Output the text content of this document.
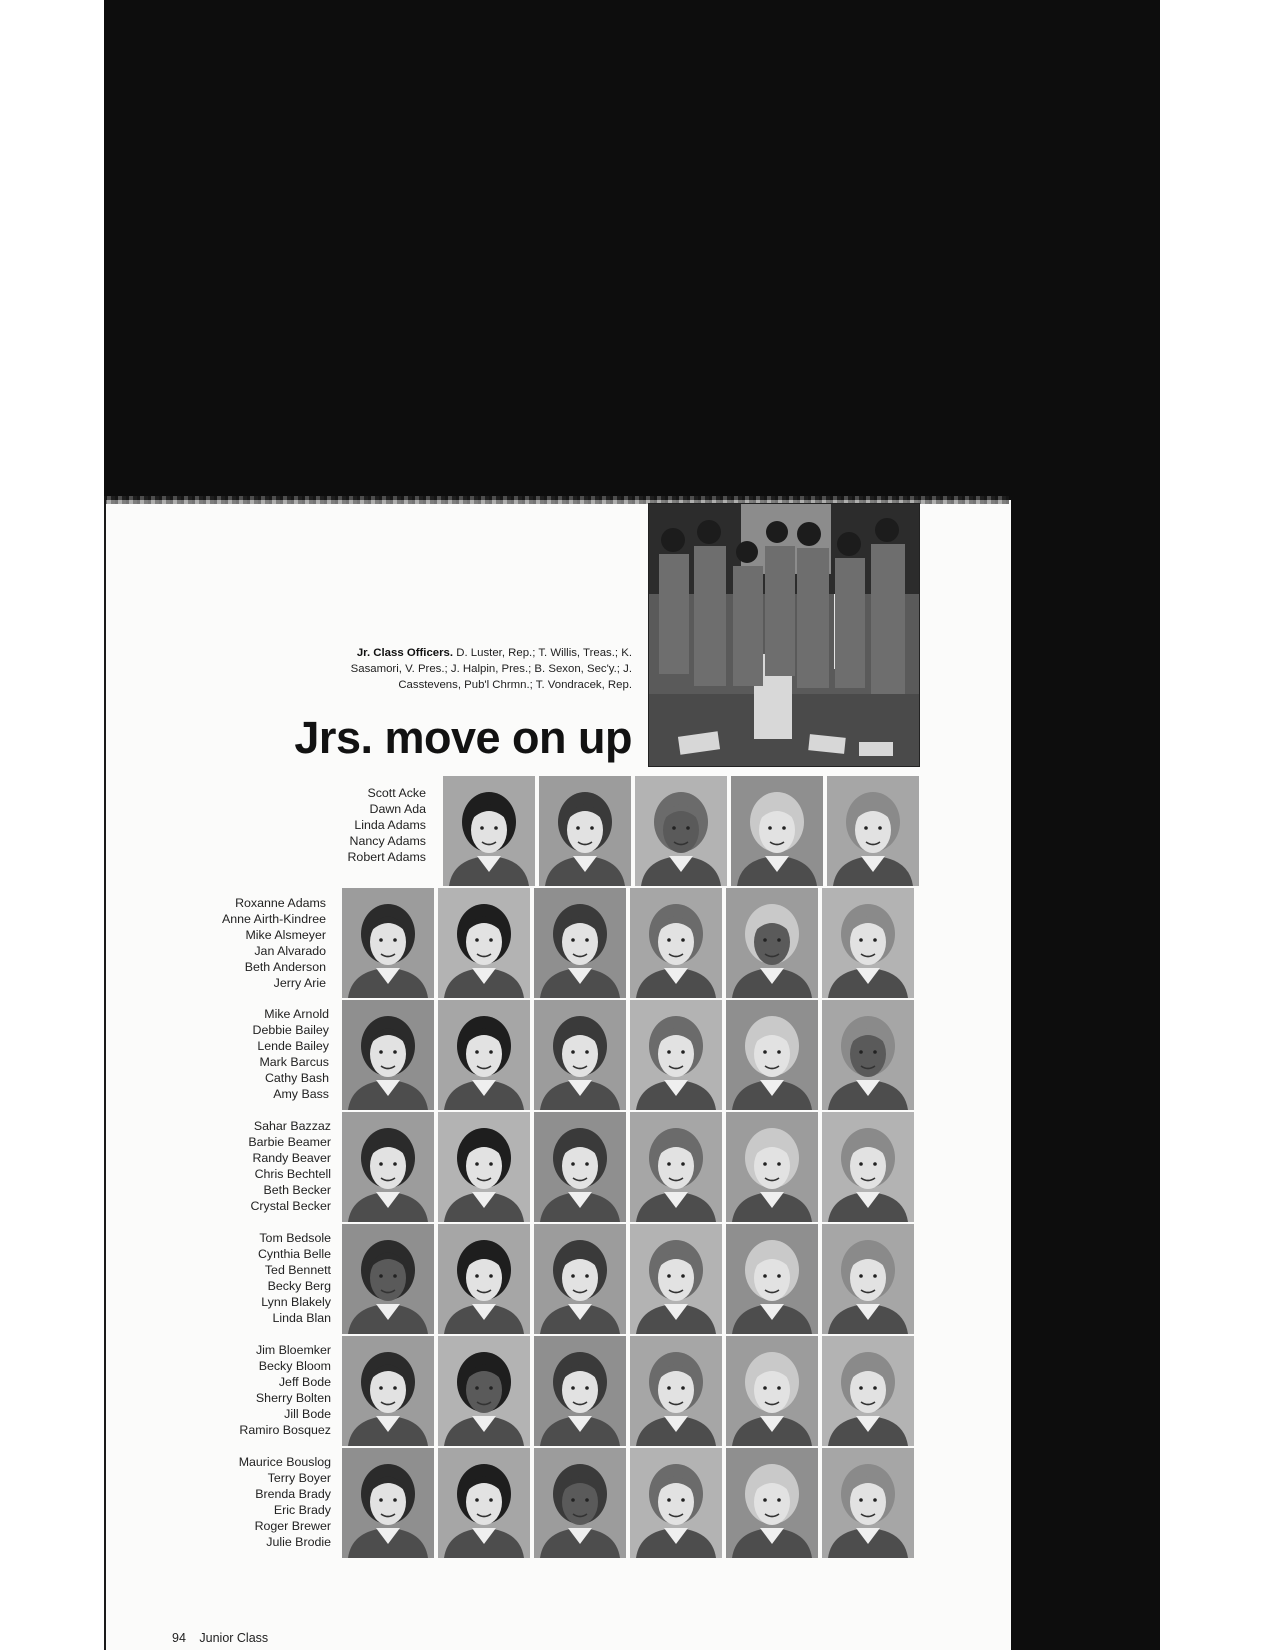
Jr. Class Officers. D. Luster, Rep.; T. Willis, Treas.; K. Sasamori, V. Pres.; J. Halpin, Pres.; B. Sexon, Sec'y.; J. Casstevens, Pub'l Chrmn.; T. Vondracek, Rep.
Jrs. move on up
Scott Acke
Dawn Ada
Linda Adams
Nancy Adams
Robert Adams
Roxanne Adams
Anne Airth-Kindree
Mike Alsmeyer
Jan Alvarado
Beth Anderson
Jerry Arie
Mike Arnold
Debbie Bailey
Lende Bailey
Mark Barcus
Cathy Bash
Amy Bass
Sahar Bazzaz
Barbie Beamer
Randy Beaver
Chris Bechtell
Beth Becker
Crystal Becker
Tom Bedsole
Cynthia Belle
Ted Bennett
Becky Berg
Lynn Blakely
Linda Blan
Jim Bloemker
Becky Bloom
Jeff Bode
Sherry Bolten
Jill Bode
Ramiro Bosquez
Maurice Bouslog
Terry Boyer
Brenda Brady
Eric Brady
Roger Brewer
Julie Brodie
94 Junior Class
